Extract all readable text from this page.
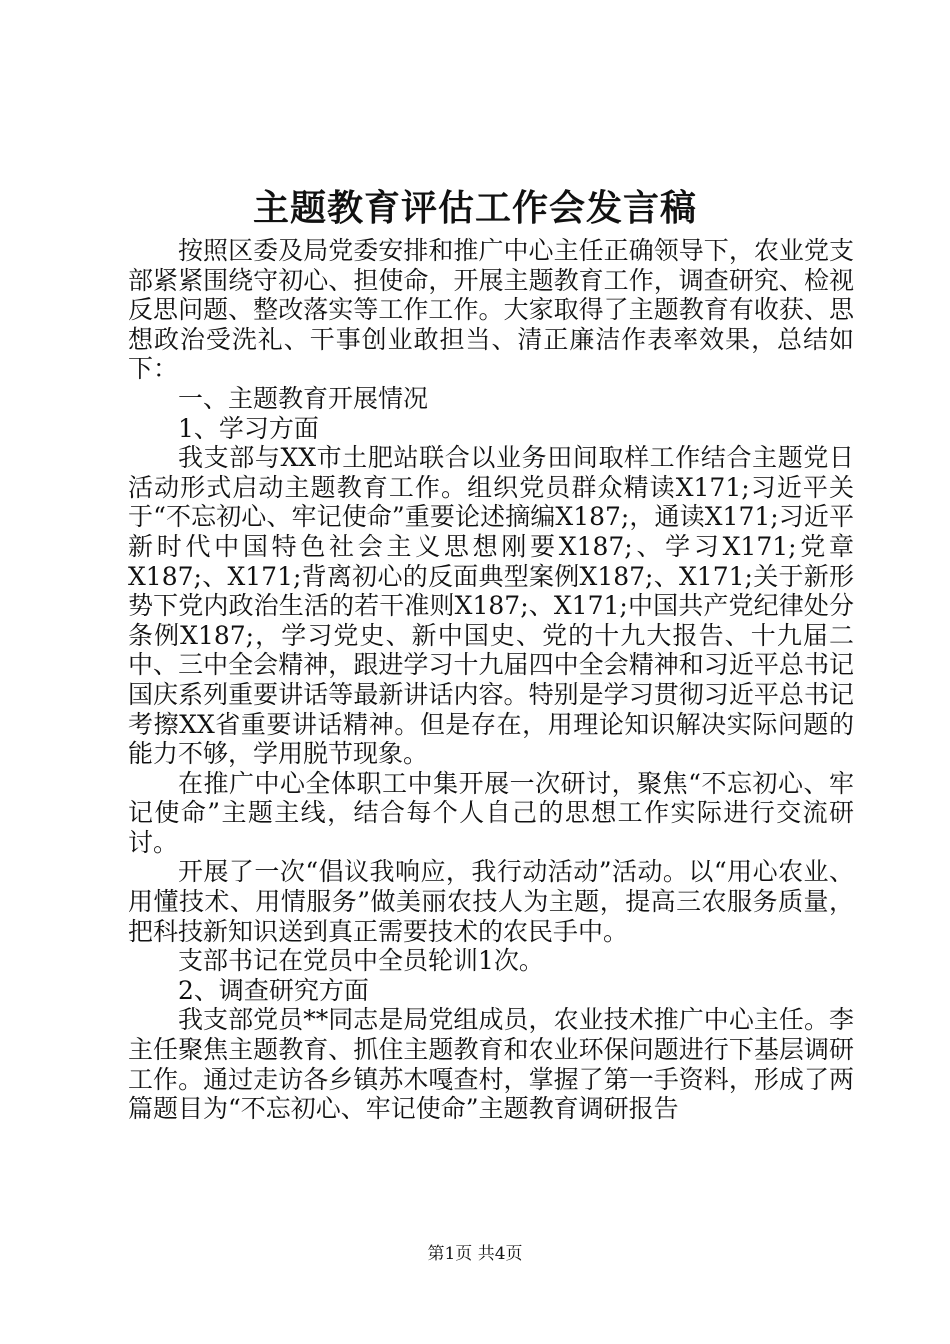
主题教育评估工作会发言稿

按照区委及局党委安排和推广中心主任正确领导下，农业党支部紧紧围绕守初心、担使命，开展主题教育工作，调查研究、检视反思问题、整改落实等工作工作。大家取得了主题教育有收获、思想政治受洗礼、干事创业敢担当、清正廉洁作表率效果，总结如下：

一、主题教育开展情况

1、学习方面

我支部与XX市土肥站联合以业务田间取样工作结合主题党日活动形式启动主题教育工作。组织党员群众精读X171;习近平关于“不忘初心、牢记使命”重要论述摘编X187;，通读X171;习近平新时代中国特色社会主义思想刚要X187;、学习X171;党章X187;、X171;背离初心的反面典型案例X187;、X171;关于新形势下党内政治生活的若干准则X187;、X171;中国共产党纪律处分条例X187;，学习党史、新中国史、党的十九大报告、十九届二中、三中全会精神，跟进学习十九届四中全会精神和习近平总书记国庆系列重要讲话等最新讲话内容。特别是学习贯彻习近平总书记考擦XX省重要讲话精神。但是存在，用理论知识解决实际问题的能力不够，学用脱节现象。

在推广中心全体职工中集开展一次研讨，聚焦“不忘初心、牢记使命”主题主线，结合每个人自己的思想工作实际进行交流研讨。

开展了一次“倡议我响应，我行动活动”活动。以“用心农业、用懂技术、用情服务”做美丽农技人为主题，提高三农服务质量，把科技新知识送到真正需要技术的农民手中。

支部书记在党员中全员轮训1次。

2、调查研究方面

我支部党员**同志是局党组成员，农业技术推广中心主任。李主任聚焦主题教育、抓住主题教育和农业环保问题进行下基层调研工作。通过走访各乡镇苏木嘎查村，掌握了第一手资料，形成了两篇题目为“不忘初心、牢记使命”主题教育调研报告

第1页 共4页
